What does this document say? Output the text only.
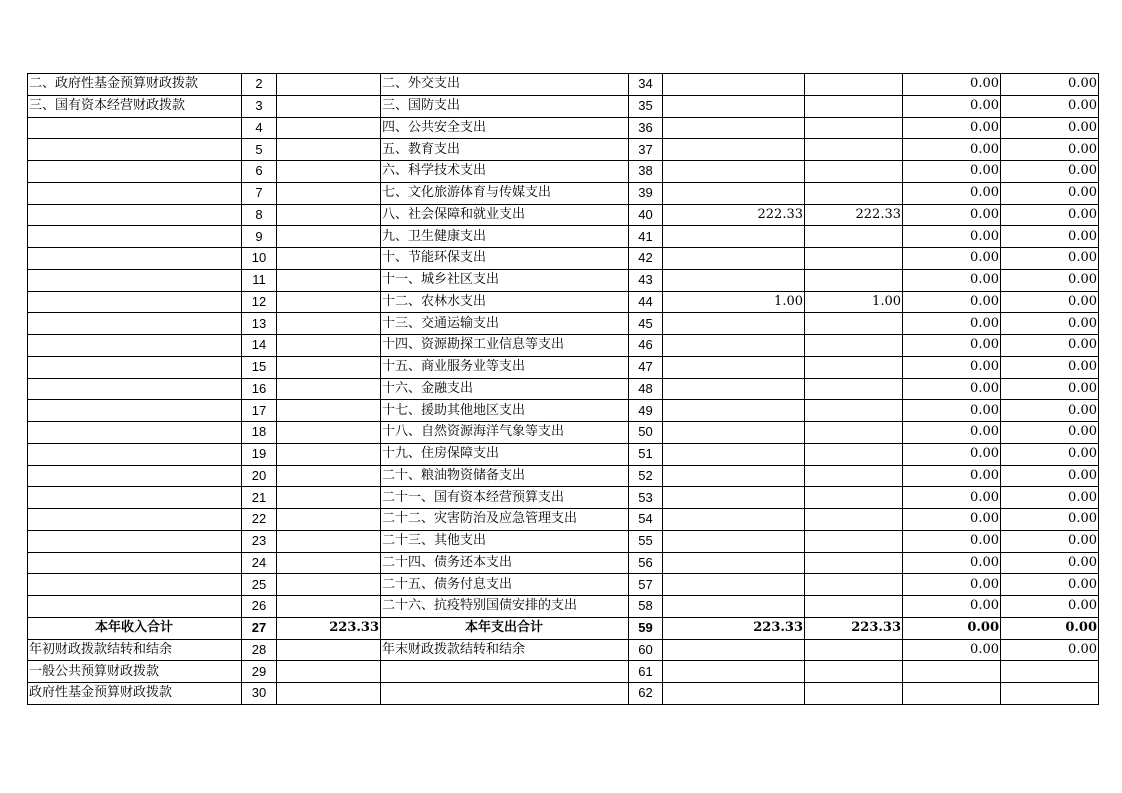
二、政府性基金预算财政拨款	2		二、外交支出	34			0.00	0.00
三、国有资本经营财政拨款	3		三、国防支出	35			0.00	0.00
	4		四、公共安全支出	36			0.00	0.00
	5		五、教育支出	37			0.00	0.00
	6		六、科学技术支出	38			0.00	0.00
	7		七、文化旅游体育与传媒支出	39			0.00	0.00
	8		八、社会保障和就业支出	40	222.33	222.33	0.00	0.00
	9		九、卫生健康支出	41			0.00	0.00
	10		十、节能环保支出	42			0.00	0.00
	11		十一、城乡社区支出	43			0.00	0.00
	12		十二、农林水支出	44	1.00	1.00	0.00	0.00
	13		十三、交通运输支出	45			0.00	0.00
	14		十四、资源勘探工业信息等支出	46			0.00	0.00
	15		十五、商业服务业等支出	47			0.00	0.00
	16		十六、金融支出	48			0.00	0.00
	17		十七、援助其他地区支出	49			0.00	0.00
	18		十八、自然资源海洋气象等支出	50			0.00	0.00
	19		十九、住房保障支出	51			0.00	0.00
	20		二十、粮油物资储备支出	52			0.00	0.00
	21		二十一、国有资本经营预算支出	53			0.00	0.00
	22		二十二、灾害防治及应急管理支出	54			0.00	0.00
	23		二十三、其他支出	55			0.00	0.00
	24		二十四、债务还本支出	56			0.00	0.00
	25		二十五、债务付息支出	57			0.00	0.00
	26		二十六、抗疫特别国债安排的支出	58			0.00	0.00
本年收入合计	27	223.33	本年支出合计	59	223.33	223.33	0.00	0.00
年初财政拨款结转和结余	28		年末财政拨款结转和结余	60			0.00	0.00
一般公共预算财政拨款	29			61				
政府性基金预算财政拨款	30			62				
